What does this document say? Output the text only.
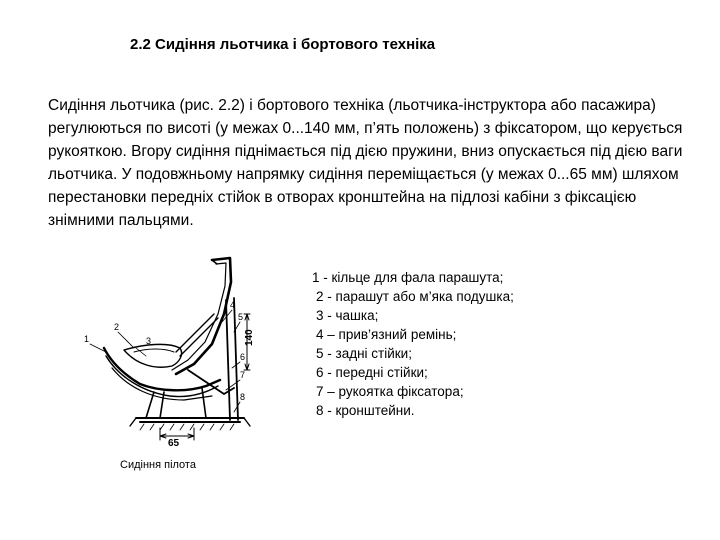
2.2 Сидіння льотчика і бортового техніка

Сидіння льотчика (рис. 2.2) і бортового техніка (льотчика-інструктора або пасажира) регулюються по висоті (у межах 0...140 мм, п’ять положень) з фіксатором, що керується рукояткою. Вгору сидіння піднімається під дією пружини, вниз опускається під дією ваги льотчика. У подовжньому напрямку сидіння переміщається (у межах 0...65 мм) шляхом перестановки передніх стійок в отворах кронштейна на підлозі кабіни з фіксацією знімними пальцями.

1 - кільце для фала парашута;
2 - парашут або м’яка подушка;
3 - чашка;
4 – прив’язний ремінь;
5 - задні стійки;
6 - передні стійки;
7 – рукоятка фіксатора;
8 - кронштейни.
140
65
1
2
3
4
5
6
7
8
Сидіння пілота
